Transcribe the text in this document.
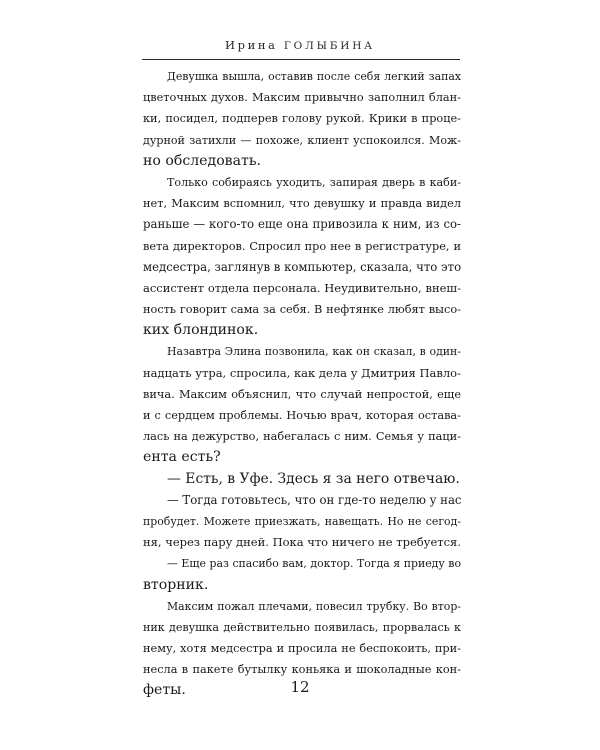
Ирина ГОЛЫБИНА
Девушка вышла, оставив после себя легкий запах
цветочных духов. Максим привычно заполнил блан-
ки, посидел, подперев голову рукой. Крики в проце-
дурной затихли — похоже, клиент успокоился. Мож-
но обследовать.
Только собираясь уходить, запирая дверь в каби-
нет, Максим вспомнил, что девушку и правда видел
раньше — кого-то еще она привозила к ним, из со-
вета директоров. Спросил про нее в регистратуре, и
медсестра, заглянув в компьютер, сказала, что это
ассистент отдела персонала. Неудивительно, внеш-
ность говорит сама за себя. В нефтянке любят высо-
ких блондинок.
Назавтра Элина позвонила, как он сказал, в один-
надцать утра, спросила, как дела у Дмитрия Павло-
вича. Максим объяснил, что случай непростой, еще
и с сердцем проблемы. Ночью врач, которая остава-
лась на дежурство, набегалась с ним. Семья у паци-
ента есть?
— Есть, в Уфе. Здесь я за него отвечаю.
— Тогда готовьтесь, что он где-то неделю у нас
пробудет. Можете приезжать, навещать. Но не сегод-
ня, через пару дней. Пока что ничего не требуется.
— Еще раз спасибо вам, доктор. Тогда я приеду во
вторник.
Максим пожал плечами, повесил трубку. Во втор-
ник девушка действительно появилась, прорвалась к
нему, хотя медсестра и просила не беспокоить, при-
несла в пакете бутылку коньяка и шоколадные кон-
феты.	12
